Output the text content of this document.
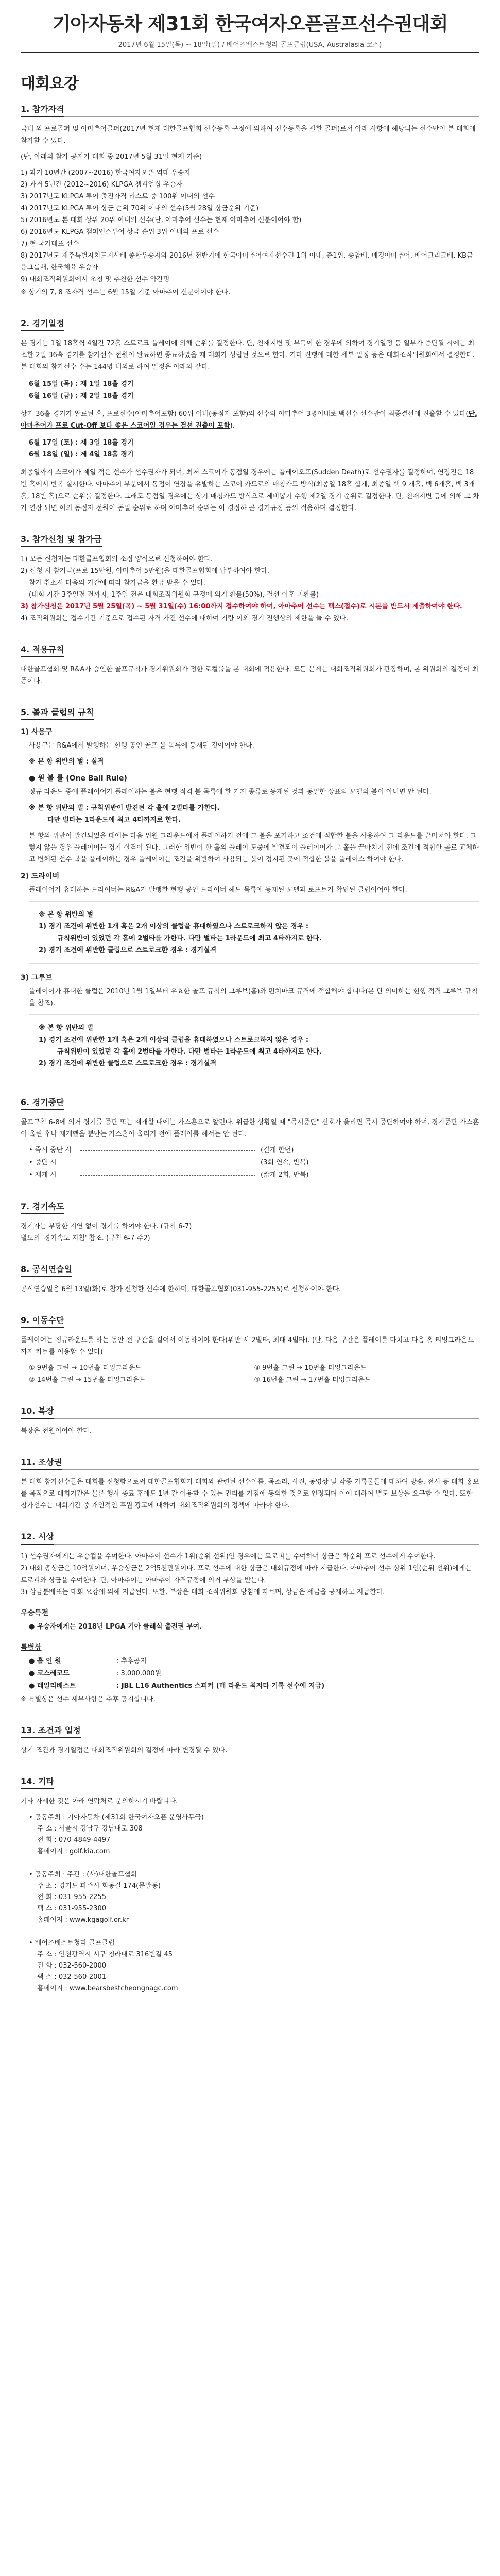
기아자동차 제31회 한국여자오픈골프선수권대회

2017년 6월 15일(목) ~ 18일(일) / 베어즈베스트청라 골프클럽(USA, Australasia 코스)

대회요강
1. 참가자격

국내 외 프로골퍼 및 아마추어골퍼(2017년 현재 대한골프협회 선수등록 규정에 의하여 선수등록을 필한 골퍼)로서 아래 사항에 해당되는 선수만이 본 대회에 참가할 수 있다.

(단, 아래의 참가 공지가 대회 중 2017년 5월 31일 현재 기준)

1) 과거 10년간 (2007~2016) 한국여자오픈 역대 우승자

2) 과거 5년간 (2012~2016) KLPGA 챔피언십 우승자

3) 2017년도 KLPGA 투어 출전자격 리스트 중 100위 이내의 선수

4) 2017년도 KLPGA 투어 상금 순위 70위 이내의 선수(5월 28일 상금순위 기준)

5) 2016년도 본 대회 상위 20위 이내의 선수(단, 아마추어 선수는 현재 아마추어 신분이어야 함)

6) 2016년도 KLPGA 챔피언스투어 상금 순위 3위 이내의 프로 선수

7) 현 국가대표 선수

8) 2017년도 제주특별자치도지사배 종합우승자와 2016년 전반기에 한국아마추어여자선수권 1위 이내, 준1위, 송암배, 매경아마추어, 베어크리크배, KB금융그룹배, 한국체육 우승자

9) 대회조직위원회에서 초청 및 추천한 선수 약간명

※ 상기의 7, 8 조자격 선수는 6월 15일 기준 아마추어 신분이어야 한다.

2. 경기일정

본 경기는 1일 18홀씩 4일간 72홀 스트로크 플레이에 의해 순위를 결정한다. 단, 천재지변 및 부득이 한 경우에 의하여 경기일정 등 일부가 중단될 시에는 최소한 2일 36홀 경기를 참가선수 전원이 완료하면 종료하였을 때 대회가 성립된 것으로 한다. 기타 진행에 대한 세부 일정 등은 대회조직위원회에서 결정한다. 본 대회의 참가선수 수는 144명 내외로 하여 일정은 아래와 같다.

6월 15일 (목) : 제 1일 18홀 경기

6월 16일 (금) : 제 2일 18홀 경기

상기 36홀 경기가 완료된 후, 프로선수(아마추어포함) 60위 이내(동점자 포함)의 선수와 아마추어 3명이내로 백선수 선수만이 최종결선에 진출할 수 있다(단, 아마추어가 프로 Cut-Off 보다 좋은 스코어일 경우는 결선 진출이 포함).

6월 17일 (토) : 제 3일 18홀 경기

6월 18일 (일) : 제 4일 18홀 경기

최종일까지 스크어가 제일 적은 선수가 선수권자가 되며, 최저 스코어가 동점일 경우에는 플레이오프(Sudden Death)로 선수권자를 결정하며, 연장전은 18번 홀에서 반복 실시한다. 아마추어 부문에서 동점이 연장을 유발하는 스코어 카드로의 매칭카드 방식(최종일 18홀 합계, 최종일 백 9 개홀, 백 6개홀, 백 3개홀, 18번 홀)으로 순위를 결정한다. 그래도 동점일 경우에는 상기 매칭카드 방식으로 제비뽑기 수행 제2일 경기 순위로 결정한다. 단, 천재지변 등에 의해 그 차가 연장 되면 이외 동점자 전원이 동일 순위로 하며 아마추어 순위는 이 경정하 곧 경기규정 등의 적용하며 결정한다.

3. 참가신청 및 참가금

1) 모든 신청자는 대한골프협회의 소정 양식으로 신청하여야 한다.

2) 신청 시 참가금(프로 15만원, 아마추어 5만원)을 대한골프협회에 납부하여야 한다.

참가 취소시 다음의 기간에 따라 참가금을 환급 받을 수 있다.

(대회 기간 3주일전 전까지, 1주일 전은 대회조직위원회 규정에 의거 환불(50%), 결선 이후 미환불)

3) 참가신청은 2017년 5월 25일(목) ~ 5월 31일(수) 16:00까지 접수하여야 하며, 아마추어 선수는 팩스(접수)로 시본을 반드시 제출하여야 한다.

4) 조직위원회는 접수기간 기준으로 접수된 자격 가진 선수에 대하여 기량 이외 경기 진행상의 제한을 둘 수 있다.

4. 적용규칙

대한골프협회 및 R&A가 승인한 골프규칙과 경기위원회가 정한 로컬룰을 본 대회에 적용한다. 모든 문제는 대회조직위원회가 관장하며, 본 위원회의 결정이 최종이다.

5. 볼과 클럽의 규칙
1) 사용구

사용구는 R&A에서 발행하는 현행 공인 골프 볼 목록에 등재된 것이어야 한다.

※ 본 항 위반의 벌 : 실격

● 원 볼 룰 (One Ball Rule)

정규 라운드 중에 플레이어가 플레이하는 볼은 현행 적격 볼 목록에 한 가지 종류로 등재된 것과 동일한 상표와 모델의 볼이 아니면 안 된다.

※ 본 항 위반의 벌 : 규칙위반이 발견된 각 홀에 2벌타를 가한다.

다만 벌타는 1라운드에 최고 4타까지로 한다.

본 항의 위반이 발견되었을 때에는 다음 위원 그라운드에서 플레이하기 전에 그 볼을 포기하고 조건에 적합한 볼을 사용하여 그 라운드를 끝마쳐야 한다. 그렇지 않을 경우 플레이어는 경기 실격이 된다. 그러한 위반이 한 홀의 플레이 도중에 발견되어 플레이어가 그 홀을 끝마치기 전에 조건에 적합한 볼로 교체하고 변체된 선수 볼을 플레이하는 경우 플레이어는 조건을 위반하여 사용되는 볼이 정지된 곳에 적합한 볼을 플레이스 하여야 한다.

2) 드라이버

플레이어가 휴대하는 드라이버는 R&A가 발행한 현행 공인 드라이버 헤드 목록에 등재된 모델과 로프트가 확인된 클럽이어야 한다.

※ 본 항 위반의 벌

1) 경기 조건에 위반한 1개 혹은 2개 이상의 클럽을 휴대하였으나 스트로크하지 않은 경우 :

규칙위반이 있었던 각 홀에 2벌타를 가한다. 다만 벌타는 1라운드에 최고 4타까지로 한다.

2) 경기 조건에 위반한 클럽으로 스트로크한 경우 : 경기실격

3) 그루브

플레이어가 휴대한 클럽은 2010년 1월 1일부터 유효한 골프 규칙의 그루브(홈)와 펀치마크 규격에 적합해야 합니다(본 단 의미하는 현행 적격 그루브 규칙을 참조).

※ 본 항 위반의 벌

1) 경기 조건에 위반한 1개 혹은 2개 이상의 클럽을 휴대하였으나 스트로크하지 않은 경우 :

규칙위반이 있었던 각 홀에 2벌타를 가한다. 다만 벌타는 1라운드에 최고 4타까지로 한다.

2) 경기 조건에 위반한 클럽으로 스트로크한 경우 : 경기실격

6. 경기중단

골프규칙 6-8에 의거 경기를 중단 또는 재개할 때에는 가스혼으로 알린다. 위급한 상황일 때 "즉시중단" 신호가 울리면 즉시 중단하여야 하며, 경기중단 가스혼이 울린 후나 재개했을 뿐만는 가스혼이 울리기 전에 플레이를 해서는 안 된다.

• 즉시 중단 시	(길게 한번)
• 중단 시	(3회 연속, 반복)
• 재개 시	(짧게 2회, 반복)
7. 경기속도

경기자는 부당한 지연 없이 경기를 하여야 한다. (규칙 6-7)

별도의 '경기속도 지침' 참조. (규칙 6-7 주2)

8. 공식연습일

공식연습일은 6월 13일(화)로 참가 신청한 선수에 한하며, 대한골프협회(031-955-2255)로 신청하여야 한다.

9. 이동수단

플레이어는 정규라운드를 하는 동안 전 구간을 걸어서 이동하여야 한다(위반 시 2벌타, 최대 4벌타). (단, 다음 구간은 플레이를 마치고 다음 홀 티잉그라운드까지 카트를 이용할 수 있다)

① 9번홀 그린 → 10번홀 티잉그라운드	③ 9번홀 그린 → 10번홀 티잉그라운드
② 14번홀 그린 → 15번홀 티잉그라운드	④ 16번홀 그린 → 17번홀 티잉그라운드
10. 복장

복장은 전원이어야 한다.

11. 조상권

본 대회 참가선수들은 대회를 신청함으로써 대한골프협회가 대회와 관련된 선수이름, 목소리, 사진, 동영상 및 각종 기록물들에 대하여 방송, 전시 등 대회 홍보를 목적으로 대회기간은 물론 행사 종료 후에도 1년 간 이용할 수 있는 권리를 가짐에 동의한 것으로 인정되며 이에 대하여 별도 보상을 요구할 수 없다. 또한 참가선수는 대회기간 중 개인적인 후원 광고에 대하여 대회조직위원회의 정책에 따라야 한다.

12. 시상

1) 선수권자에게는 우승컵을 수여한다. 아마추어 선수가 1위(순위 선위)인 경우에는 트로피를 수여하며 상금은 차순위 프로 선수에게 수여한다.

2) 대회 총상금은 10억원이며, 우승상금은 2억5천만원이다. 프로 선수에 대한 상금은 대회규정에 따라 지급한다. 아마추어 선수 상위 1인(순위 선위)에게는 트로피와 상금을 수여한다. 단, 아마추어는 아마추어 자격규정에 의거 부상을 받는다.

3) 상금분배표는 대회 요강에 의해 지급된다. 또한, 부상은 대회 조직위원회 방침에 따르며, 상금은 세금을 공제하고 지급한다.

우승특전

● 우승자에게는 2018년 LPGA 기아 클래식 출전권 부여.

특별상
● 홀 인 원	: 추후공지
● 코스레코드	: 3,000,000원
● 데일리베스트	: JBL L16 Authentics 스피커 (매 라운드 최저타 기록 선수에 지급)

※ 특별상은 선수 세부사항은 추후 공지합니다.

13. 조건과 일정

상기 조건과 경기일정은 대회조직위원회의 결정에 따라 변경될 수 있다.

14. 기타

기타 자세한 것은 아래 연락처로 문의하시기 바랍니다.

• 공동주최 : 기아자동차 (제31회 한국여자오픈 운영사무국)

주 소 : 서울시 강남구 강남대로 308
전 화 : 070-4849-4497
홈페이지 : golf.kia.com

• 공동주최 · 주관 : (사)대한골프협회

주 소 : 경기도 파주시 회동길 174(문발동)
전 화 : 031-955-2255
팩 스 : 031-955-2300
홈페이지 : www.kgagolf.or.kr

• 베어즈베스트청라 골프클럽

주 소 : 인천광역시 서구 청라대로 316번길 45
전 화 : 032-560-2000
팩 스 : 032-560-2001
홈페이지 : www.bearsbestcheongnagc.com
